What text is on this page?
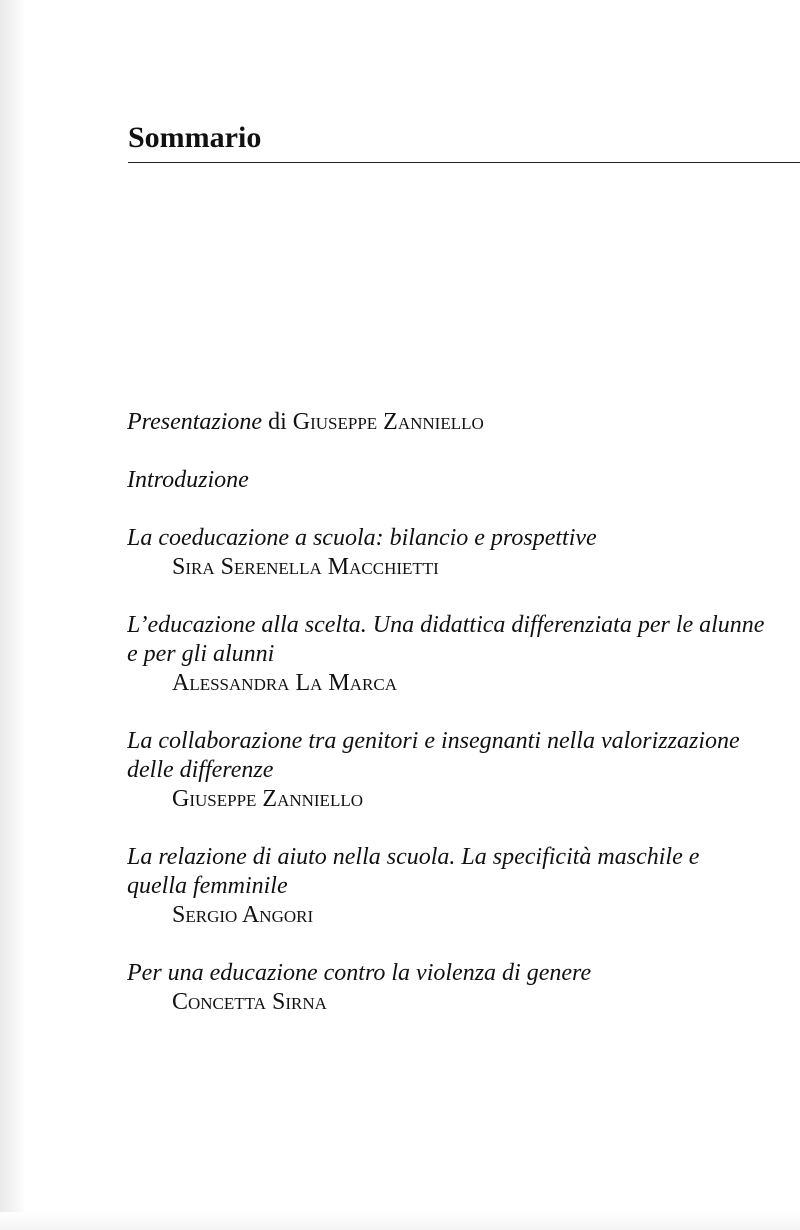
Sommario
Presentazione di Giuseppe Zanniello
Introduzione
La coeducazione a scuola: bilancio e prospettive
Sira Serenella Macchietti
L’educazione alla scelta. Una didattica differenziata per le alunne
e per gli alunni
Alessandra La Marca
La collaborazione tra genitori e insegnanti nella valorizzazione
delle differenze
Giuseppe Zanniello
La relazione di aiuto nella scuola. La specificità maschile e
quella femminile
Sergio Angori
Per una educazione contro la violenza di genere
Concetta Sirna
